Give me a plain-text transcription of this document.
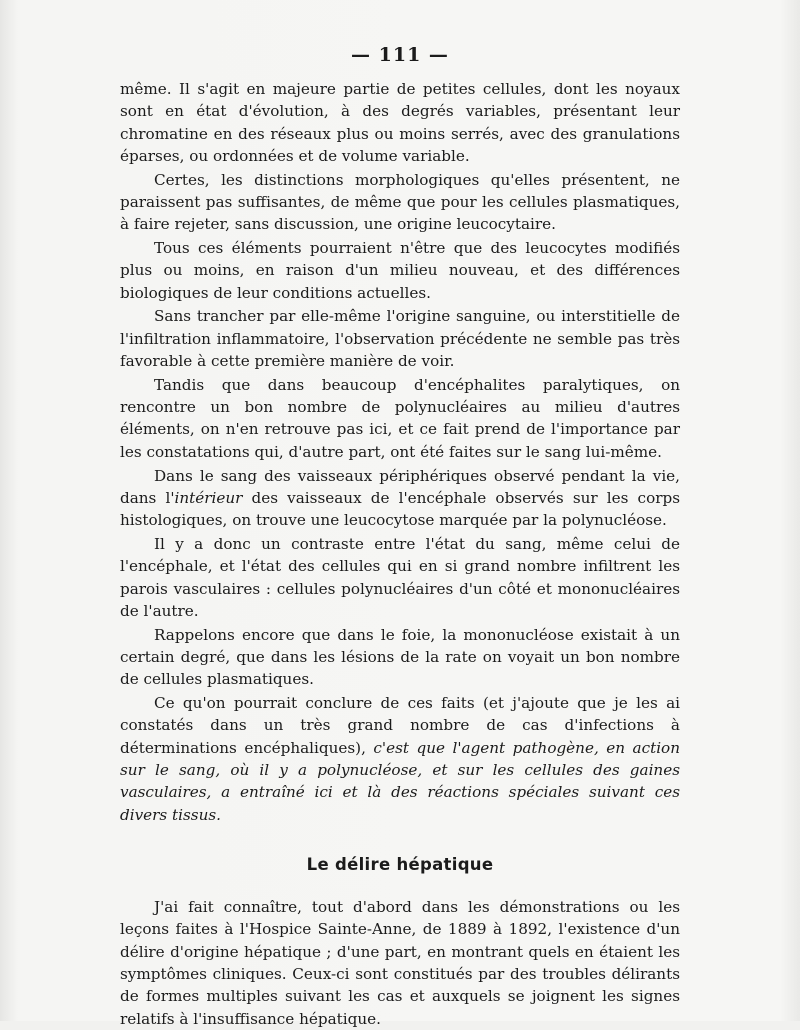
— 111 —

même. Il s'agit en majeure partie de petites cellules, dont les noyaux sont en état d'évolution, à des degrés variables, présentant leur chromatine en des réseaux plus ou moins serrés, avec des granulations éparses, ou ordonnées et de volume variable.

Certes, les distinctions morphologiques qu'elles présentent, ne paraissent pas suffisantes, de même que pour les cellules plasmatiques, à faire rejeter, sans discussion, une origine leucocytaire.

Tous ces éléments pourraient n'être que des leucocytes modifiés plus ou moins, en raison d'un milieu nouveau, et des différences biologiques de leur conditions actuelles.

Sans trancher par elle-même l'origine sanguine, ou interstitielle de l'infiltration inflammatoire, l'observation précédente ne semble pas très favorable à cette première manière de voir.

Tandis que dans beaucoup d'encéphalites paralytiques, on rencontre un bon nombre de polynucléaires au milieu d'autres éléments, on n'en retrouve pas ici, et ce fait prend de l'importance par les constatations qui, d'autre part, ont été faites sur le sang lui-même.

Dans le sang des vaisseaux périphériques observé pendant la vie, dans l'intérieur des vaisseaux de l'encéphale observés sur les corps histologiques, on trouve une leucocytose marquée par la polynucléose.

Il y a donc un contraste entre l'état du sang, même celui de l'encéphale, et l'état des cellules qui en si grand nombre infiltrent les parois vasculaires : cellules polynucléaires d'un côté et mononucléaires de l'autre.

Rappelons encore que dans le foie, la mononucléose existait à un certain degré, que dans les lésions de la rate on voyait un bon nombre de cellules plasmatiques.

Ce qu'on pourrait conclure de ces faits (et j'ajoute que je les ai constatés dans un très grand nombre de cas d'infections à déterminations encéphaliques), c'est que l'agent pathogène, en action sur le sang, où il y a polynucléose, et sur les cellules des gaines vasculaires, a entraîné ici et là des réactions spéciales suivant ces divers tissus.

Le délire hépatique

J'ai fait connaître, tout d'abord dans les démonstrations ou les leçons faites à l'Hospice Sainte-Anne, de 1889 à 1892, l'existence d'un délire d'origine hépatique ; d'une part, en montrant quels en étaient les symptômes cliniques. Ceux-ci sont constitués par des troubles délirants de formes multiples suivant les cas et auxquels se joignent les signes relatifs à l'insuffisance hépatique.
